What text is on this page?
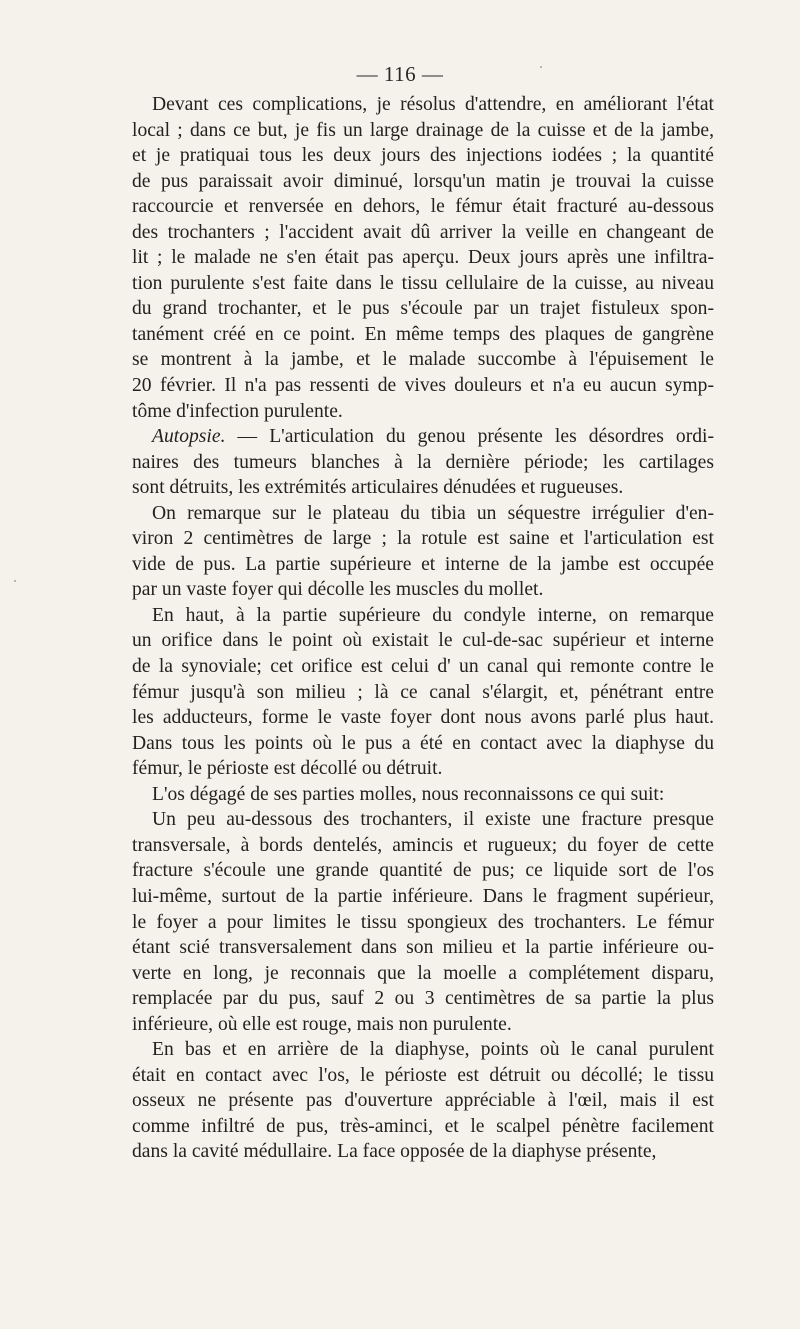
— 116 —
Devant ces complications, je résolus d'attendre, en améliorant l'état
local ; dans ce but, je fis un large drainage de la cuisse et de la jambe,
et je pratiquai tous les deux jours des injections iodées ; la quantité
de pus paraissait avoir diminué, lorsqu'un matin je trouvai la cuisse
raccourcie et renversée en dehors, le fémur était fracturé au-dessous
des trochanters ; l'accident avait dû arriver la veille en changeant de
lit ; le malade ne s'en était pas aperçu. Deux jours après une infiltra-
tion purulente s'est faite dans le tissu cellulaire de la cuisse, au niveau
du grand trochanter, et le pus s'écoule par un trajet fistuleux spon-
tanément créé en ce point. En même temps des plaques de gangrène
se montrent à la jambe, et le malade succombe à l'épuisement le
20 février. Il n'a pas ressenti de vives douleurs et n'a eu aucun symp-
tôme d'infection purulente.
Autopsie. — L'articulation du genou présente les désordres ordi-
naires des tumeurs blanches à la dernière période; les cartilages
sont détruits, les extrémités articulaires dénudées et rugueuses.
On remarque sur le plateau du tibia un séquestre irrégulier d'en-
viron 2 centimètres de large ; la rotule est saine et l'articulation est
vide de pus. La partie supérieure et interne de la jambe est occupée
par un vaste foyer qui décolle les muscles du mollet.
En haut, à la partie supérieure du condyle interne, on remarque
un orifice dans le point où existait le cul-de-sac supérieur et interne
de la synoviale; cet orifice est celui d' un canal qui remonte contre le
fémur jusqu'à son milieu ; là ce canal s'élargit, et, pénétrant entre
les adducteurs, forme le vaste foyer dont nous avons parlé plus haut.
Dans tous les points où le pus a été en contact avec la diaphyse du
fémur, le périoste est décollé ou détruit.
L'os dégagé de ses parties molles, nous reconnaissons ce qui suit:
Un peu au-dessous des trochanters, il existe une fracture presque
transversale, à bords dentelés, amincis et rugueux; du foyer de cette
fracture s'écoule une grande quantité de pus; ce liquide sort de l'os
lui-même, surtout de la partie inférieure. Dans le fragment supérieur,
le foyer a pour limites le tissu spongieux des trochanters. Le fémur
étant scié transversalement dans son milieu et la partie inférieure ou-
verte en long, je reconnais que la moelle a complétement disparu,
remplacée par du pus, sauf 2 ou 3 centimètres de sa partie la plus
inférieure, où elle est rouge, mais non purulente.
En bas et en arrière de la diaphyse, points où le canal purulent
était en contact avec l'os, le périoste est détruit ou décollé; le tissu
osseux ne présente pas d'ouverture appréciable à l'œil, mais il est
comme infiltré de pus, très-aminci, et le scalpel pénètre facilement
dans la cavité médullaire. La face opposée de la diaphyse présente,
